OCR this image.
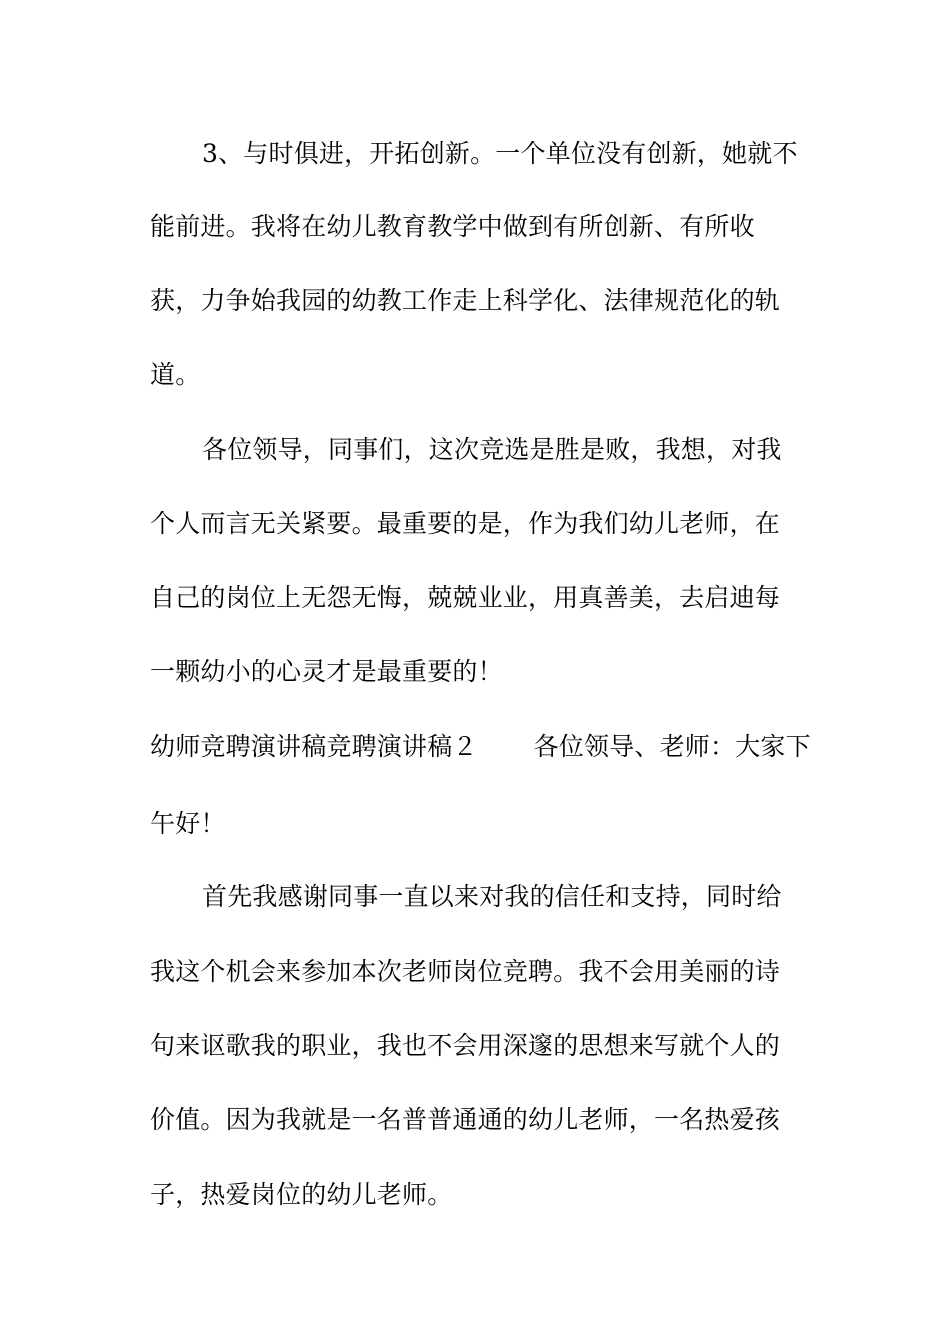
3、与时俱进，开拓创新。一个单位没有创新，她就不
能前进。我将在幼儿教育教学中做到有所创新、有所收
获，力争始我园的幼教工作走上科学化、法律规范化的轨
道。
各位领导，同事们，这次竞选是胜是败，我想，对我
个人而言无关紧要。最重要的是，作为我们幼儿老师，在
自己的岗位上无怨无悔，兢兢业业，用真善美，去启迪每
一颗幼小的心灵才是最重要的！
幼师竞聘演讲稿竞聘演讲稿２ 各位领导、老师：大家下
午好！
首先我感谢同事一直以来对我的信任和支持，同时给
我这个机会来参加本次老师岗位竞聘。我不会用美丽的诗
句来讴歌我的职业，我也不会用深邃的思想来写就个人的
价值。因为我就是一名普普通通的幼儿老师，一名热爱孩
子，热爱岗位的幼儿老师。
